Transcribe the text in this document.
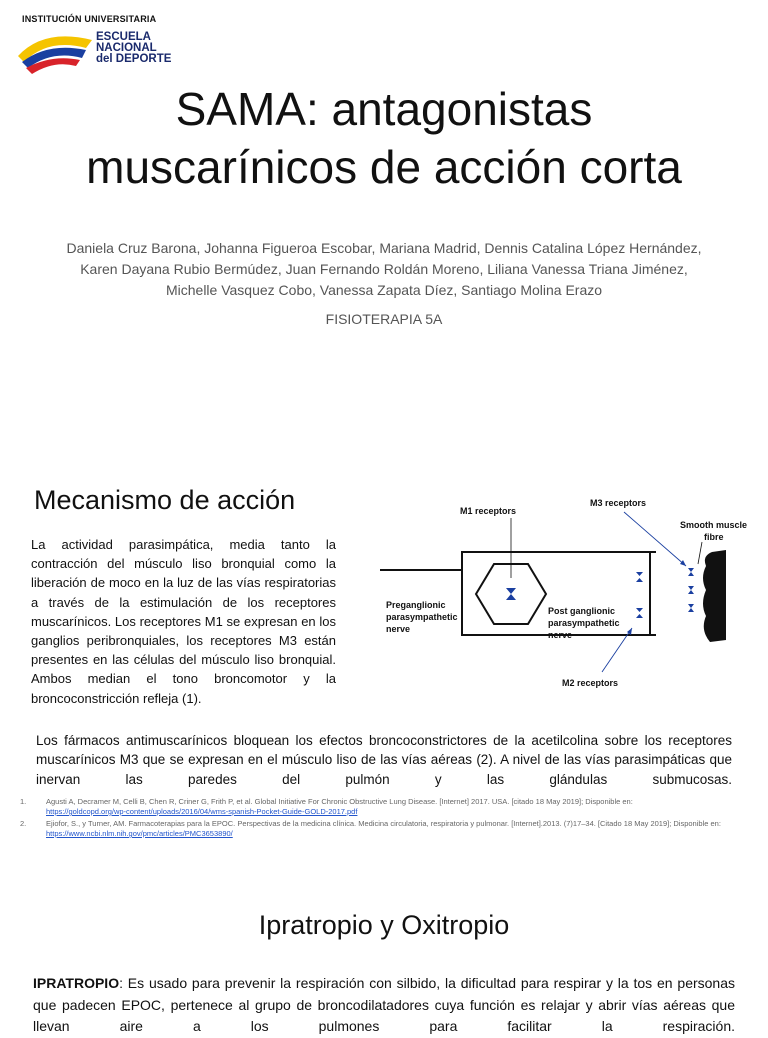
INSTITUCIÓN UNIVERSITARIA
ESCUELA
NACIONAL
del DEPORTE
SAMA: antagonistas
muscarínicos de acción corta
Daniela Cruz Barona, Johanna Figueroa Escobar, Mariana Madrid, Dennis Catalina López Hernández,
Karen Dayana Rubio Bermúdez, Juan Fernando Roldán Moreno, Liliana Vanessa Triana Jiménez,
Michelle Vasquez Cobo, Vanessa Zapata Díez, Santiago Molina Erazo
FISIOTERAPIA 5A
Mecanismo de acción
La actividad parasimpática, media tanto la contracción del músculo liso bronquial como la liberación de moco en la luz de las vías respiratorias a través de la estimulación de los receptores muscarínicos. Los receptores M1 se expresan en los ganglios peribronquiales, los receptores M3 están presentes en las células del músculo liso bronquial. Ambos median el tono broncomotor y la broncoconstricción refleja (1).
M1 receptors
M3 receptors
Smooth muscle
fibre
Preganglionic
parasympathetic
nerve
Post ganglionic
parasympathetic
nerve
M2 receptors
Los fármacos antimuscarínicos bloquean los efectos broncoconstrictores de la acetilcolina sobre los receptores muscarínicos M3 que se expresan en el músculo liso de las vías aéreas (2). A nivel de las vías parasimpáticas que inervan las paredes del pulmón y las glándulas submucosas.
1.	Agusti A, Decramer M, Celli B, Chen R, Criner G, Frith P, et al. Global Initiative For Chronic Obstructive Lung Disease. [Internet] 2017. USA. [citado 18 May 2019]; Disponible en:
https://goldcopd.org/wp-content/uploads/2016/04/wms-spanish-Pocket-Guide-GOLD-2017.pdf
2.	Ejiofor, S., y Turner, AM. Farmacoterapias para la EPOC. Perspectivas de la medicina clínica. Medicina circulatoria, respiratoria y pulmonar. [Internet].2013. (7)17–34. [Citado 18 May 2019]; Disponible en: https://www.ncbi.nlm.nih.gov/pmc/articles/PMC3653890/
Ipratropio y Oxitropio
IPRATROPIO: Es usado para prevenir la respiración con silbido, la dificultad para respirar y la tos en personas que padecen EPOC, pertenece al grupo de broncodilatadores cuya función es relajar y abrir vías aéreas que llevan aire a los pulmones para facilitar la respiración.
